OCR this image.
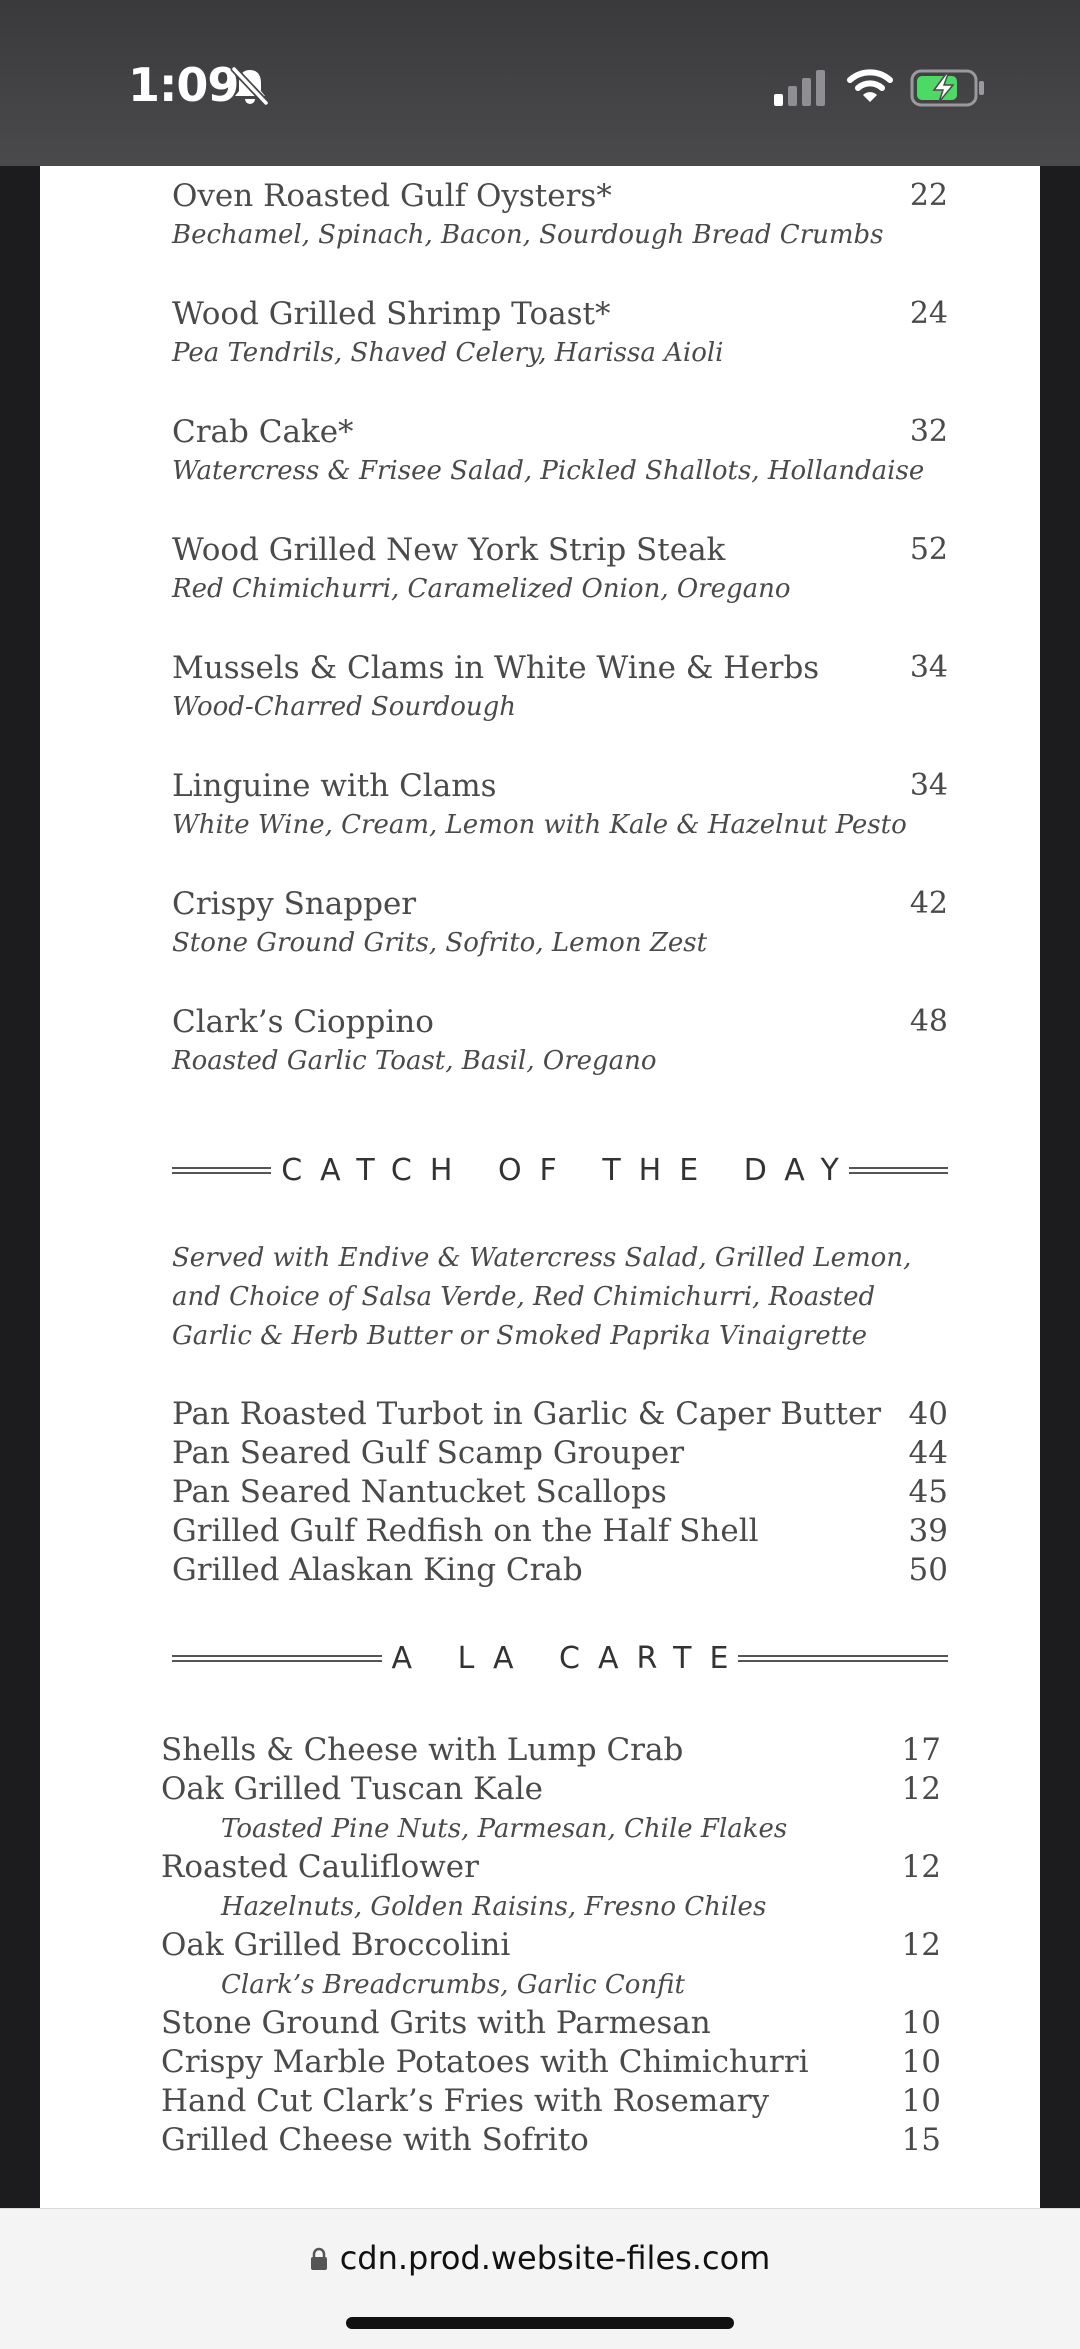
1:09
Oven Roasted Gulf Oysters*	22
Bechamel, Spinach, Bacon, Sourdough Bread Crumbs
Wood Grilled Shrimp Toast*	24
Pea Tendrils, Shaved Celery, Harissa Aioli
Crab Cake*	32
Watercress & Frisee Salad, Pickled Shallots, Hollandaise
Wood Grilled New York Strip Steak	52
Red Chimichurri, Caramelized Onion, Oregano
Mussels & Clams in White Wine & Herbs	34
Wood-Charred Sourdough
Linguine with Clams	34
White Wine, Cream, Lemon with Kale & Hazelnut Pesto
Crispy Snapper	42
Stone Ground Grits, Sofrito, Lemon Zest
Clark’s Cioppino	48
Roasted Garlic Toast, Basil, Oregano
CATCH OF THE DAY
Served with Endive & Watercress Salad, Grilled Lemon, and Choice of Salsa Verde, Red Chimichurri, Roasted Garlic & Herb Butter or Smoked Paprika Vinaigrette
Pan Roasted Turbot in Garlic & Caper Butter 40
Pan Seared Gulf Scamp Grouper	44
Pan Seared Nantucket Scallops	45
Grilled Gulf Redfish on the Half Shell	39
Grilled Alaskan King Crab	50
A LA CARTE
Shells & Cheese with Lump Crab	17
Oak Grilled Tuscan Kale	12
Toasted Pine Nuts, Parmesan, Chile Flakes
Roasted Cauliflower	12
Hazelnuts, Golden Raisins, Fresno Chiles
Oak Grilled Broccolini	12
Clark’s Breadcrumbs, Garlic Confit
Stone Ground Grits with Parmesan	10
Crispy Marble Potatoes with Chimichurri	10
Hand Cut Clark’s Fries with Rosemary	10
Grilled Cheese with Sofrito	15
cdn.prod.website-files.com
